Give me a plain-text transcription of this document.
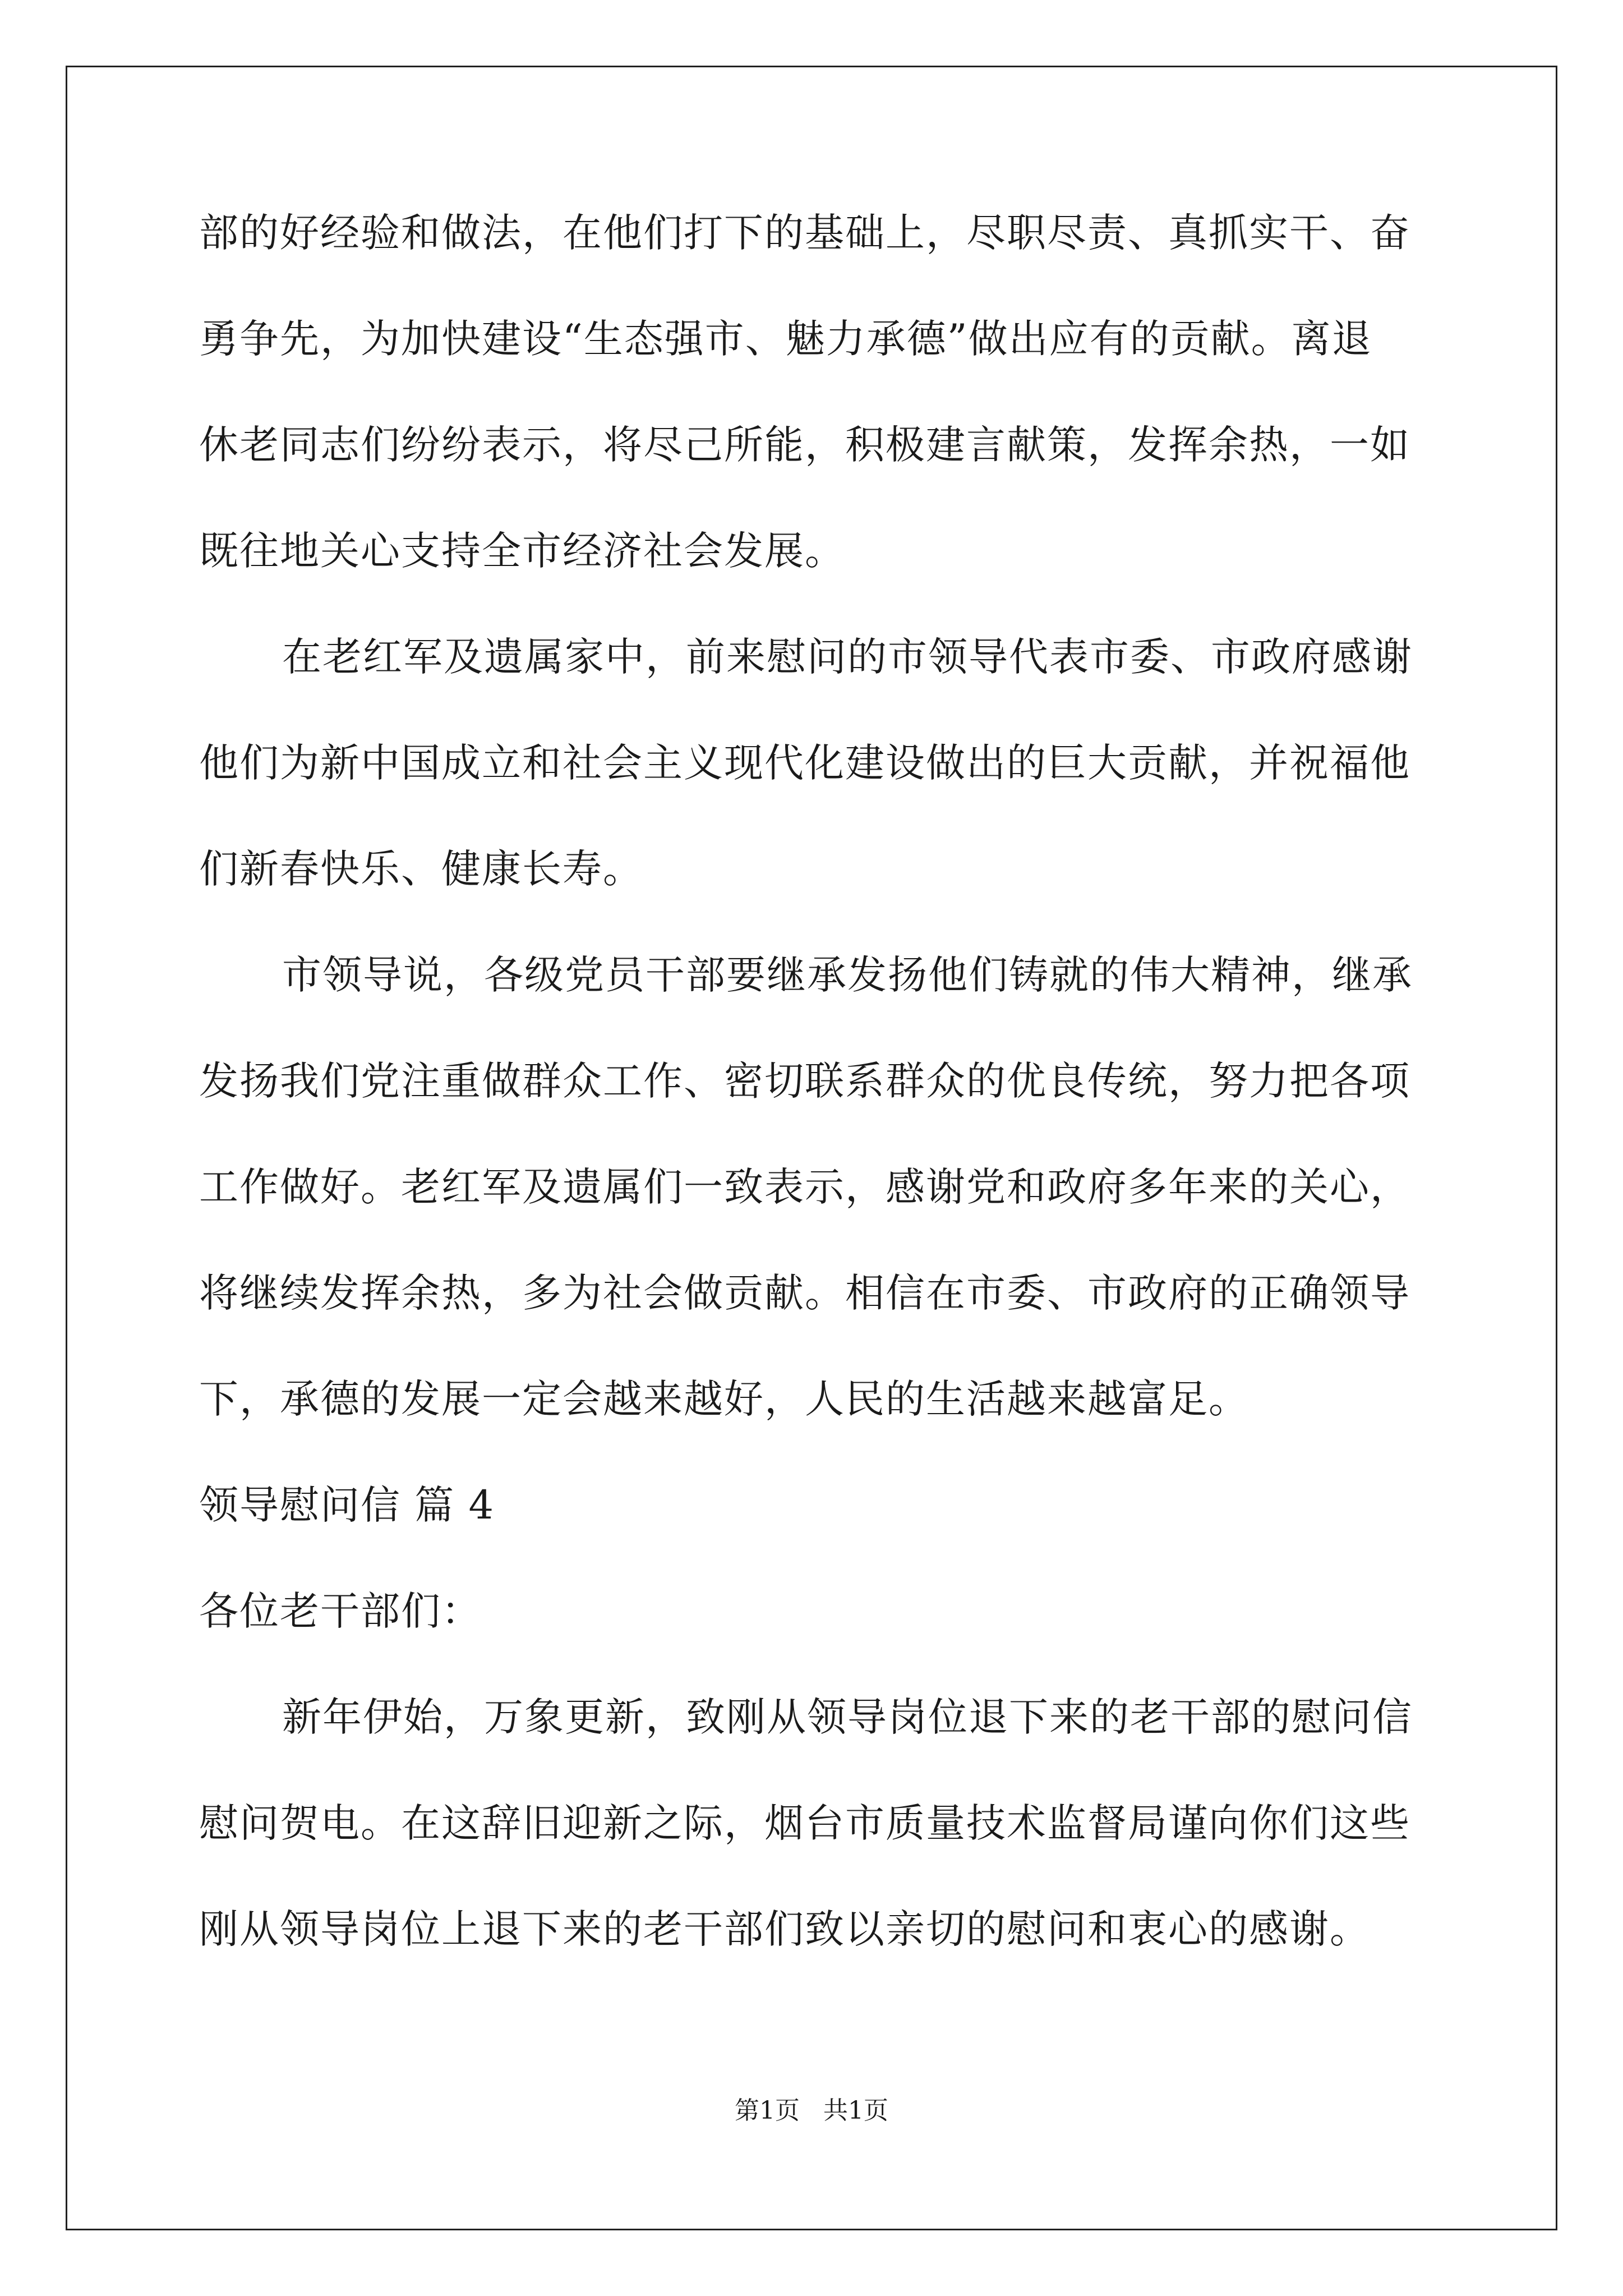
部的好经验和做法，在他们打下的基础上，尽职尽责、真抓实干、奋
勇争先，为加快建设“生态强市、魅力承德”做出应有的贡献。离退
休老同志们纷纷表示，将尽己所能，积极建言献策，发挥余热，一如
既往地关心支持全市经济社会发展。
在老红军及遗属家中，前来慰问的市领导代表市委、市政府感谢
他们为新中国成立和社会主义现代化建设做出的巨大贡献，并祝福他
们新春快乐、健康长寿。
市领导说，各级党员干部要继承发扬他们铸就的伟大精神，继承
发扬我们党注重做群众工作、密切联系群众的优良传统，努力把各项
工作做好。老红军及遗属们一致表示，感谢党和政府多年来的关心，
将继续发挥余热，多为社会做贡献。相信在市委、市政府的正确领导
下，承德的发展一定会越来越好，人民的生活越来越富足。
领导慰问信 篇 4
各位老干部们：
新年伊始，万象更新，致刚从领导岗位退下来的老干部的慰问信
慰问贺电。在这辞旧迎新之际，烟台市质量技术监督局谨向你们这些
刚从领导岗位上退下来的老干部们致以亲切的慰问和衷心的感谢。
第1页   共1页
